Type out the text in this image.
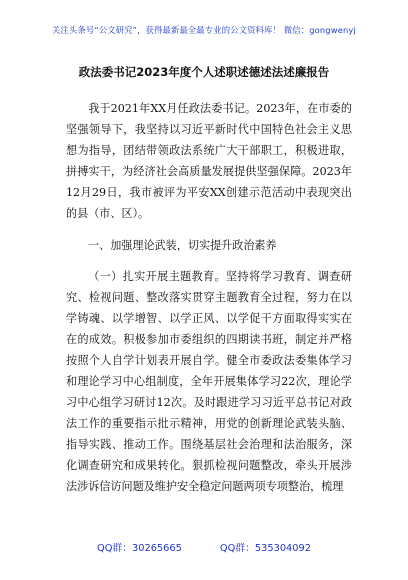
关注头条号“公文研究”，获得最新最全最专业的公文资料库！ 微信：gongwenyj
政法委书记2023年度个人述职述德述法述廉报告
我于2021年XX月任政法委书记。2023年，在市委的坚强领导下，我坚持以习近平新时代中国特色社会主义思想为指导，团结带领政法系统广大干部职工，积极进取，拼搏实干，为经济社会高质量发展提供坚强保障。2023年12月29日，我市被评为平安XX创建示范活动中表现突出的县（市、区）。
一、加强理论武装，切实提升政治素养
（一）扎实开展主题教育。坚持将学习教育、调查研究、检视问题、整改落实贯穿主题教育全过程，努力在以学铸魂、以学增智、以学正风、以学促干方面取得实实在在的成效。积极参加市委组织的四期读书班，制定并严格按照个人自学计划表开展自学。健全市委政法委集体学习和理论学习中心组制度，全年开展集体学习22次，理论学习中心组学习研讨12次。及时跟进学习习近平总书记对政法工作的重要指示批示精神，用党的创新理论武装头脑、指导实践、推动工作。围绕基层社会治理和法治服务，深化调查研究和成果转化。狠抓检视问题整改，牵头开展涉法涉诉信访问题及维护安全稳定问题两项专项整治，梳理
QQ群：30265665	QQ群：535304092
